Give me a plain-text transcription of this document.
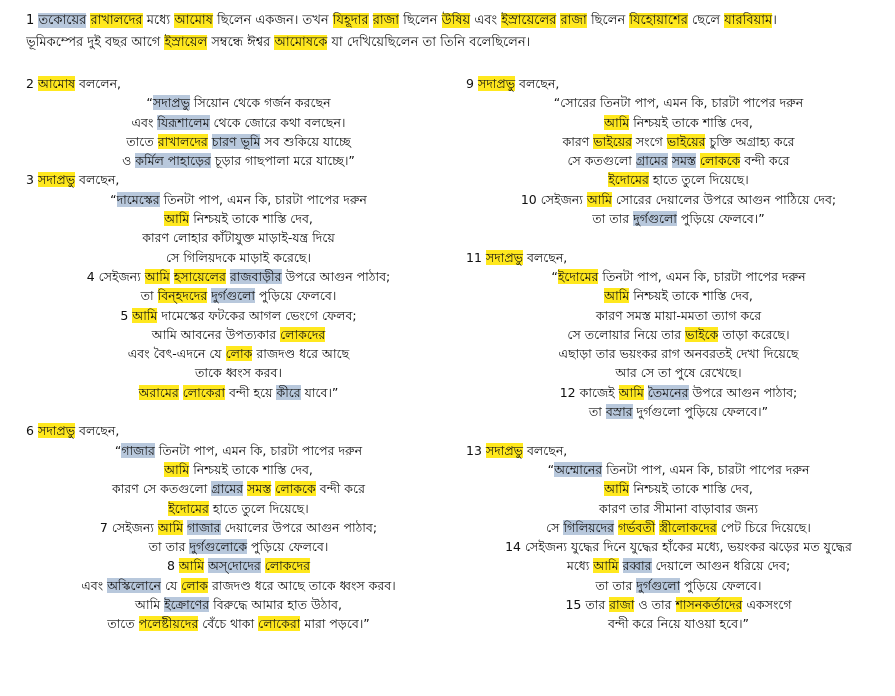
1 তকোয়ের রাখালদের মধ্যে আমোষ ছিলেন একজন। তখন যিহূদার রাজা ছিলেন উষিয় এবং ইস্রায়েলের রাজা ছিলেন যিহোয়াশের ছেলে যারবিয়াম।
ভূমিকম্পের দুই বছর আগে ইস্রায়েল সম্বন্ধে ঈশ্বর আমোষকে যা দেখিয়েছিলেন তা তিনি বলেছিলেন।
2 আমোষ বললেন,
“সদাপ্রভু সিয়োন থেকে গর্জন করছেন
এবং যিরূশালেম থেকে জোরে কথা বলছেন।
তাতে রাখালদের চারণ ভূমি সব শুকিয়ে যাচ্ছে
ও কর্মিল পাহাড়ের চূড়ার গাছপালা মরে যাচ্ছে।”
3 সদাপ্রভু বলছেন,
“দামেস্কের তিনটা পাপ, এমন কি, চারটা পাপের দরুন
আমি নিশ্চয়ই তাকে শাস্তি দেব,
কারণ লোহার কাঁটাযুক্ত মাড়াই-যন্ত্র দিয়ে
সে গিলিয়দকে মাড়াই করেছে।
4 সেইজন্য আমি হসায়েলের রাজবাড়ীর উপরে আগুন পাঠাব;
তা বিন্‌হদদের দুর্গগুলো পুড়িয়ে ফেলবে।
5 আমি দামেস্কের ফটকের আগল ভেংগে ফেলব;
আমি আবনের উপত্যকার লোকদের
এবং বৈৎ-এদনে যে লোক রাজদণ্ড ধরে আছে
তাকে ধ্বংস করব।
অরামের লোকেরা বন্দী হয়ে কীরে যাবে।”
6 সদাপ্রভু বলছেন,
“গাজার তিনটা পাপ, এমন কি, চারটা পাপের দরুন
আমি নিশ্চয়ই তাকে শাস্তি দেব,
কারণ সে কতগুলো গ্রামের সমস্ত লোককে বন্দী করে
ইদোমের হাতে তুলে দিয়েছে।
7 সেইজন্য আমি গাজার দেয়ালের উপরে আগুন পাঠাব;
তা তার দুর্গগুলোকে পুড়িয়ে ফেলবে।
8 আমি অস্‌দোদের লোকদের
এবং অস্কিলোনে যে লোক রাজদণ্ড ধরে আছে তাকে ধ্বংস করব।
আমি ইক্রোণের বিরুদ্ধে আমার হাত উঠাব,
তাতে পলেষ্টীয়দের বেঁচে থাকা লোকেরা মারা পড়বে।”
9 সদাপ্রভু বলছেন,
“সোরের তিনটা পাপ, এমন কি, চারটা পাপের দরুন
আমি নিশ্চয়ই তাকে শাস্তি দেব,
কারণ ভাইয়ের সংগে ভাইয়ের চুক্তি অগ্রাহ্য করে
সে কতগুলো গ্রামের সমস্ত লোককে বন্দী করে
ইদোমের হাতে তুলে দিয়েছে।
10 সেইজন্য আমি সোরের দেয়ালের উপরে আগুন পাঠিয়ে দেব;
তা তার দুর্গগুলো পুড়িয়ে ফেলবে।”
11 সদাপ্রভু বলছেন,
“ইদোমের তিনটা পাপ, এমন কি, চারটা পাপের দরুন
আমি নিশ্চয়ই তাকে শাস্তি দেব,
কারণ সমস্ত মায়া-মমতা ত্যাগ করে
সে তলোয়ার নিয়ে তার ভাইকে তাড়া করেছে।
এছাড়া তার ভয়ংকর রাগ অনবরতই দেখা দিয়েছে
আর সে তা পুষে রেখেছে।
12 কাজেই আমি তৈমনের উপরে আগুন পাঠাব;
তা বস্রার দুর্গগুলো পুড়িয়ে ফেলবে।”
13 সদাপ্রভু বলছেন,
“অম্মোনের তিনটা পাপ, এমন কি, চারটা পাপের দরুন
আমি নিশ্চয়ই তাকে শাস্তি দেব,
কারণ তার সীমানা বাড়াবার জন্য
সে গিলিয়দের গর্ভবতী স্ত্রীলোকদের পেট চিরে দিয়েছে।
14 সেইজন্য যুদ্ধের দিনে যুদ্ধের হাঁকের মধ্যে, ভয়ংকর ঝড়ের মত যুদ্ধের
মধ্যে আমি রব্বার দেয়ালে আগুন ধরিয়ে দেব;
তা তার দুর্গগুলো পুড়িয়ে ফেলবে।
15 তার রাজা ও তার শাসনকর্তাদের একসংগে
বন্দী করে নিয়ে যাওয়া হবে।”
